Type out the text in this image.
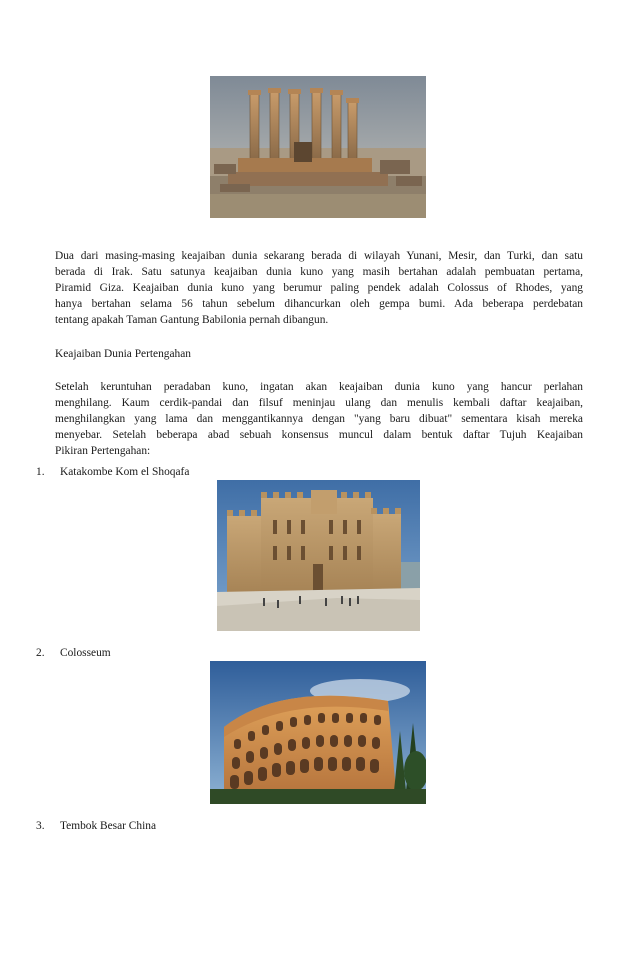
Dua dari masing-masing keajaiban dunia sekarang berada di wilayah Yunani, Mesir, dan Turki, dan satu
berada di Irak. Satu satunya keajaiban dunia kuno yang masih bertahan adalah pembuatan pertama,
Piramid Giza. Keajaiban dunia kuno yang berumur paling pendek adalah Colossus of Rhodes, yang
hanya bertahan selama 56 tahun sebelum dihancurkan oleh gempa bumi. Ada beberapa perdebatan
tentang apakah Taman Gantung Babilonia pernah dibangun.
Keajaiban Dunia Pertengahan
Setelah keruntuhan peradaban kuno, ingatan akan keajaiban dunia kuno yang hancur perlahan
menghilang. Kaum cerdik-pandai dan filsuf meninjau ulang dan menulis kembali daftar keajaiban,
menghilangkan yang lama dan menggantikannya dengan "yang baru dibuat" sementara kisah mereka
menyebar. Setelah beberapa abad sebuah konsensus muncul dalam bentuk daftar Tujuh Keajaiban
Pikiran Pertengahan:
1. Katakombe Kom el Shoqafa
2. Colosseum
3. Tembok Besar China
